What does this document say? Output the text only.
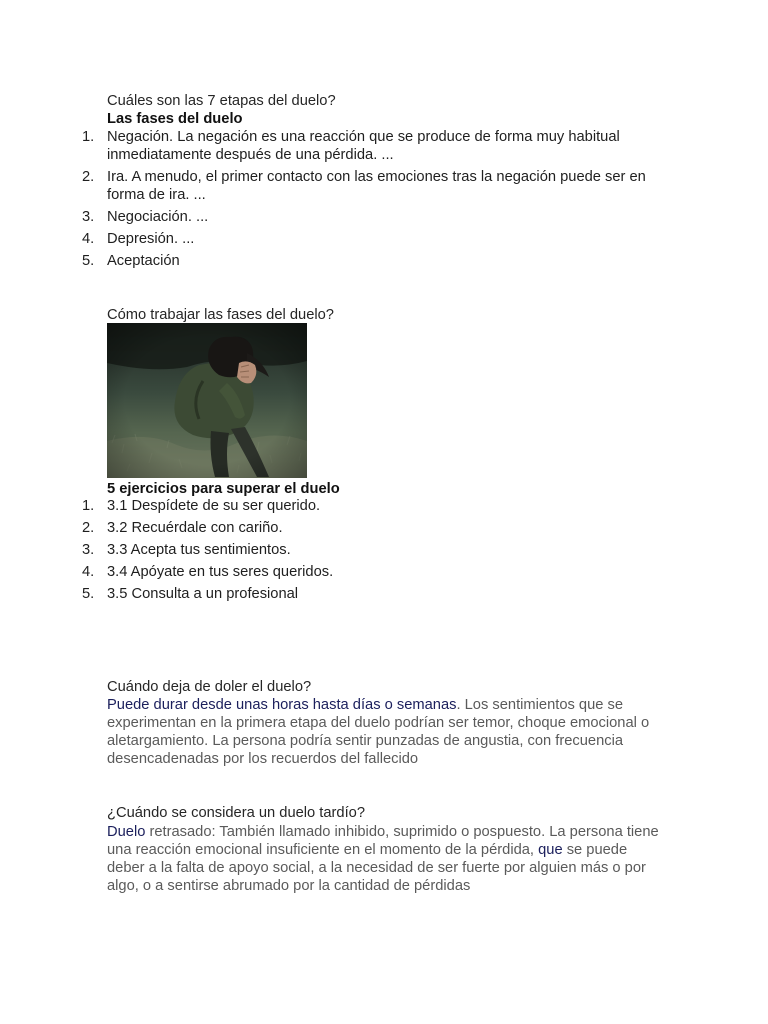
Cuáles son las 7 etapas del duelo?
Las fases del duelo
1. Negación. La negación es una reacción que se produce de forma muy habitual inmediatamente después de una pérdida. ...
2. Ira. A menudo, el primer contacto con las emociones tras la negación puede ser en forma de ira. ...
3. Negociación. ...
4. Depresión. ...
5. Aceptación
Cómo trabajar las fases del duelo?
5 ejercicios para superar el duelo
1. 3.1 Despídete de su ser querido.
2. 3.2 Recuérdale con cariño.
3. 3.3 Acepta tus sentimientos.
4. 3.4 Apóyate en tus seres queridos.
5. 3.5 Consulta a un profesional
Cuándo deja de doler el duelo?
Puede durar desde unas horas hasta días o semanas. Los sentimientos que se experimentan en la primera etapa del duelo podrían ser temor, choque emocional o aletargamiento. La persona podría sentir punzadas de angustia, con frecuencia desencadenadas por los recuerdos del fallecido
¿Cuándo se considera un duelo tardío?
Duelo retrasado: También llamado inhibido, suprimido o pospuesto. La persona tiene una reacción emocional insuficiente en el momento de la pérdida, que se puede deber a la falta de apoyo social, a la necesidad de ser fuerte por alguien más o por algo, o a sentirse abrumado por la cantidad de pérdidas
